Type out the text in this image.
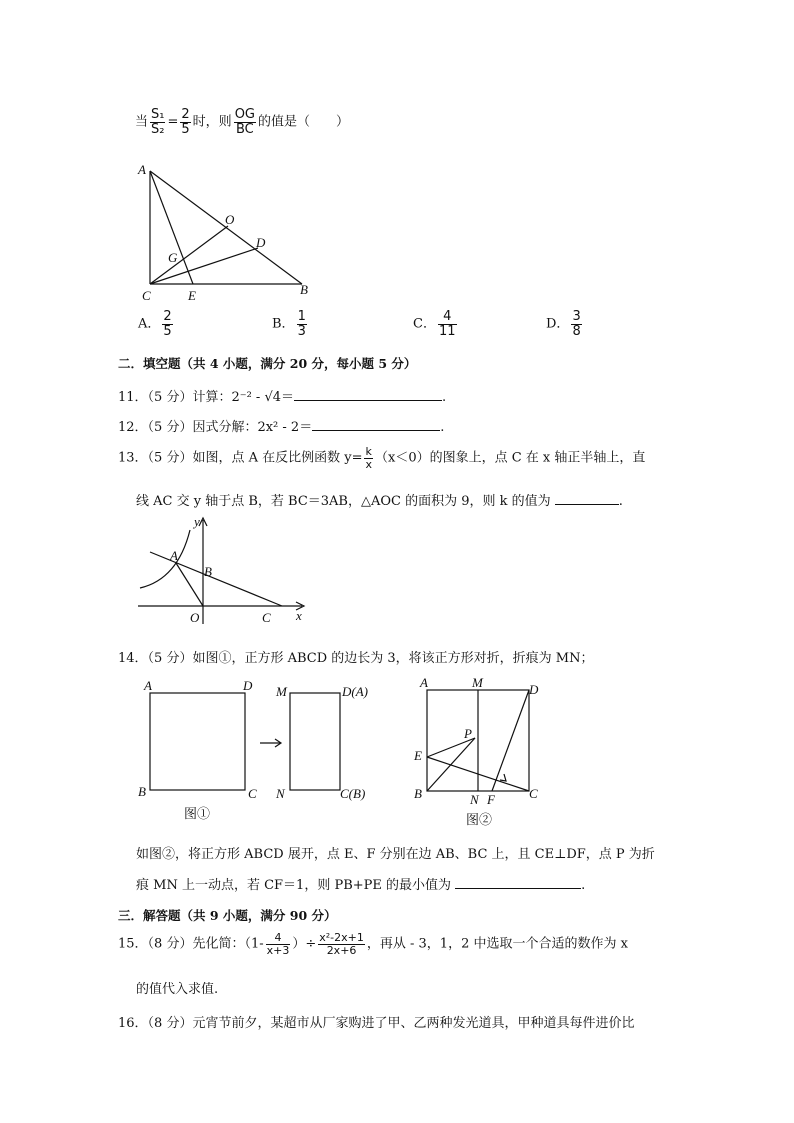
当 $\frac{\text{S₁}}{\text{S₂}} = \frac{2}{5}$ 时，则 $\frac{OG}{BC}$ 的值是（　　）
A
O
D
G
C	E	B
A． $\frac{2}{5}$	B． $\frac{1}{3}$	C． $\frac{4}{11}$	D． $\frac{3}{8}$
二．填空题（共 4 小题，满分 20 分，每小题 5 分）
11．（5 分）计算：2⁻² - √4＝	.
12．（5 分）因式分解：2x² - 2＝	.
13．（5 分）如图，点 A 在反比例函数 $y= \frac{k}{x} (x<0)$的图象上，点 C 在 x 轴正半轴上，直
线 AC 交 y 轴于点 B，若 BC＝3AB，△AOC 的面积为 9，则 k 的值为	.
y
A
B
O	C x
14．（5 分）如图①，正方形 ABCD 的边长为 3，将该正方形对折，折痕为 MN；
A	D
B	C
M	D(A)
N	C(B)
图①
A	M	D
P
E
B	N F	C
图②
如图②，将正方形 ABCD 展开，点 E、F 分别在边 AB、BC 上，且 CE⊥DF，点 P 为折
痕 MN 上一动点，若 CF＝1，则 PB+PE 的最小值为	.
三．解答题（共 9 小题，满分 90 分）
15．（8 分）先化简：（$1- \frac{4}{x+3}$ ）÷ $\frac{\text{x²-2x+1}}{2x+6}$ ，再从 - 3，1，2 中选取一个合适的数作为 x
的值代入求值.
16．（8 分）元宵节前夕，某超市从厂家购进了甲、乙两种发光道具，甲种道具每件进价比
